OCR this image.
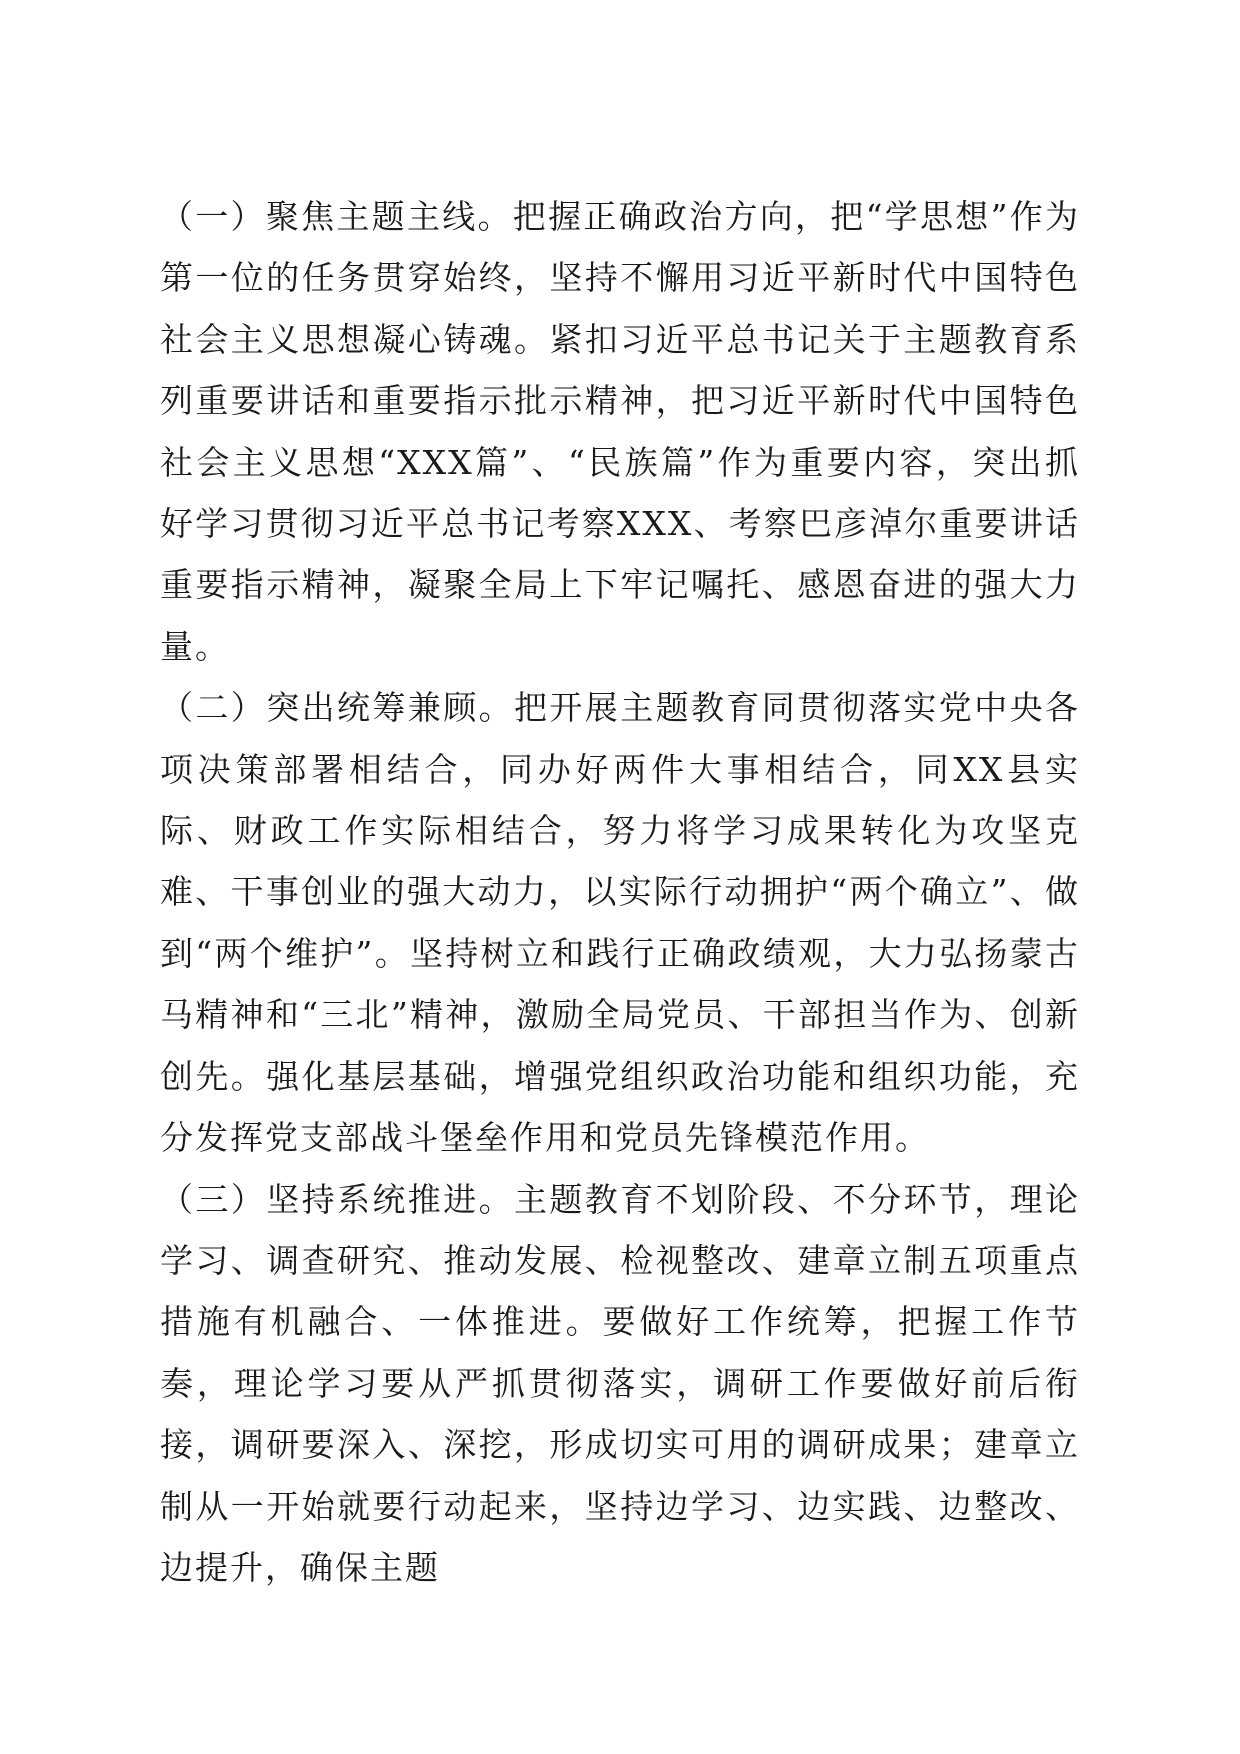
（一）聚焦主题主线。把握正确政治方向，把“学思想”作为第一位的任务贯穿始终，坚持不懈用习近平新时代中国特色社会主义思想凝心铸魂。紧扣习近平总书记关于主题教育系列重要讲话和重要指示批示精神，把习近平新时代中国特色社会主义思想“XXX篇”、“民族篇”作为重要内容，突出抓好学习贯彻习近平总书记考察XXX、考察巴彦淖尔重要讲话重要指示精神，凝聚全局上下牢记嘱托、感恩奋进的强大力量。

（二）突出统筹兼顾。把开展主题教育同贯彻落实党中央各项决策部署相结合，同办好两件大事相结合，同XX县实际、财政工作实际相结合，努力将学习成果转化为攻坚克难、干事创业的强大动力，以实际行动拥护“两个确立”、做到“两个维护”。坚持树立和践行正确政绩观，大力弘扬蒙古马精神和“三北”精神，激励全局党员、干部担当作为、创新创先。强化基层基础，增强党组织政治功能和组织功能，充分发挥党支部战斗堡垒作用和党员先锋模范作用。

（三）坚持系统推进。主题教育不划阶段、不分环节，理论学习、调查研究、推动发展、检视整改、建章立制五项重点措施有机融合、一体推进。要做好工作统筹，把握工作节奏，理论学习要从严抓贯彻落实，调研工作要做好前后衔接，调研要深入、深挖，形成切实可用的调研成果；建章立制从一开始就要行动起来，坚持边学习、边实践、边整改、边提升，确保主题
